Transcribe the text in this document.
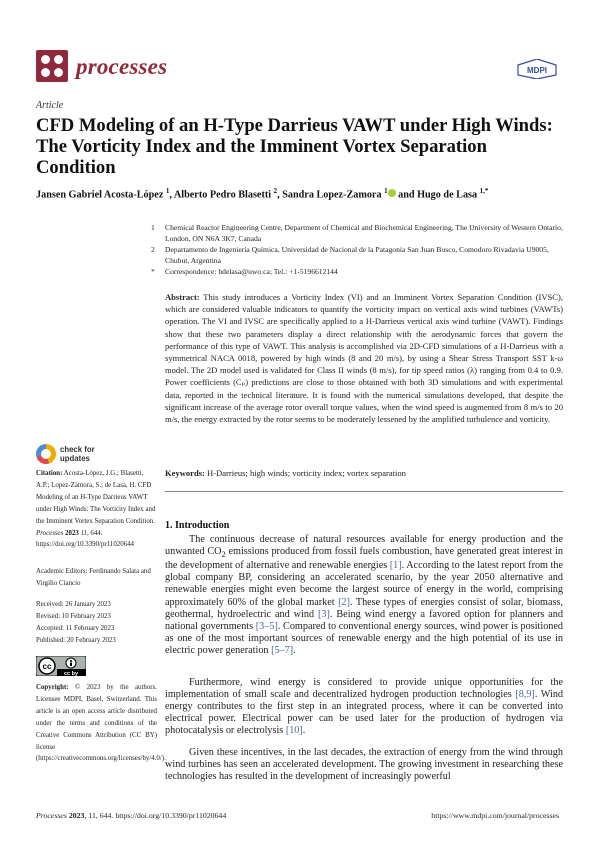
processes	MDPI
Article
CFD Modeling of an H-Type Darrieus VAWT under High Winds: The Vorticity Index and the Imminent Vortex Separation Condition
Jansen Gabriel Acosta-López $^1$, Alberto Pedro Blasetti $^2$, Sandra Lopez-Zamora $^1$ and Hugo de Lasa $^{1,*}$
1 Chemical Reactor Engineering Centre, Department of Chemical and Biochemical Engineering, The University of Western Ontario, London, ON N6A 3K7, Canada
2 Departamento de Ingeniería Química, Universidad de Nacional de la Patagonia San Juan Bosco, Comodoro Rivadavia U9005, Chubut, Argentina
* Correspondence: hdelasa@uwo.ca; Tel.: +1-5196612144
Abstract: This study introduces a Vorticity Index (VI) and an Imminent Vortex Separation Condition (IVSC), which are considered valuable indicators to quantify the vorticity impact on vertical axis wind turbines (VAWTs) operation. The VI and IVSC are specifically applied to a H-Darrieus vertical axis wind turbine (VAWT). Findings show that these two parameters display a direct relationship with the aerodynamic forces that govern the performance of this type of VAWT. This analysis is accomplished via 2D-CFD simulations of a H-Darrieus with a symmetrical NACA 0018, powered by high winds (8 and 20 m/s), by using a Shear Stress Transport SST k-ω model. The 2D model used is validated for Class II winds (8 m/s), for tip speed ratios (λ) ranging from 0.4 to 0.9. Power coefficients (Cₚ) predictions are close to those obtained with both 3D simulations and with experimental data, reported in the technical literature. It is found with the numerical simulations developed, that despite the significant increase of the average rotor overall torque values, when the wind speed is augmented from 8 m/s to 20 m/s, the energy extracted by the rotor seems to be moderately lessened by the amplified turbulence and vorticity.
Keywords: H-Darrieus; high winds; vorticity index; vortex separation
check for updates
Citation: Acosta-López, J.G.; Blasetti, A.P.; Lopez-Zamora, S.; de Lasa, H. CFD Modeling of an H-Type Darrieus VAWT under High Winds: The Vorticity Index and the Imminent Vortex Separation Condition. Processes 2023 11, 644. https://doi.org/10.3390/pr11020644
Academic Editors: Ferdinando Salata and Virgilio Ciancio
Received: 26 January 2023
Revised: 10 February 2023
Accepted: 11 February 2023
Published: 20 February 2023
cc
cc by
Copyright: © 2023 by the authors. Licensee MDPI, Basel, Switzerland. This article is an open access article distributed under the terms and conditions of the Creative Commons Attribution (CC BY) license (https://creativecommons.org/licenses/by/4.0/).
1. Introduction
The continuous decrease of natural resources available for energy production and the unwanted $CO_2$ emissions produced from fossil fuels combustion, have generated great interest in the development of alternative and renewable energies [1]. According to the latest report from the global company BP, considering an accelerated scenario, by the year 2050 alternative and renewable energies might even become the largest source of energy in the world, comprising approximately 60% of the global market [2]. These types of energies consist of solar, biomass, geothermal, hydroelectric and wind [3]. Being wind energy a favored option for planners and national governments [3–5]. Compared to conventional energy sources, wind power is positioned as one of the most important sources of renewable energy and the high potential of its use in electric power generation [5–7].
Furthermore, wind energy is considered to provide unique opportunities for the implementation of small scale and decentralized hydrogen production technologies [8,9]. Wind energy contributes to the first step in an integrated process, where it can be converted into electrical power. Electrical power can be used later for the production of hydrogen via photocatalysis or electrolysis [10].
Given these incentives, in the last decades, the extraction of energy from the wind through wind turbines has seen an accelerated development. The growing investment in researching these technologies has resulted in the development of increasingly powerful
Processes 2023, 11, 644. https://doi.org/10.3390/pr11020644	https://www.mdpi.com/journal/processes
